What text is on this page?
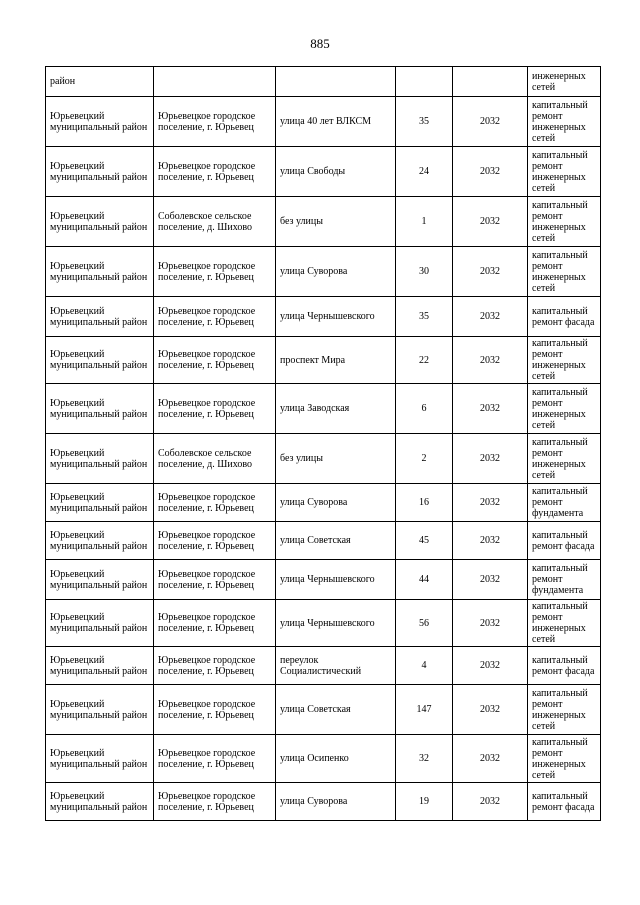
885
район					инженерных сетей
Юрьевецкий муниципальный район	Юрьевецкое городское поселение, г. Юрьевец	улица 40 лет ВЛКСМ	35	2032	капитальный ремонт инженерных сетей
Юрьевецкий муниципальный район	Юрьевецкое городское поселение, г. Юрьевец	улица Свободы	24	2032	капитальный ремонт инженерных сетей
Юрьевецкий муниципальный район	Соболевское сельское поселение, д. Шихово	без улицы	1	2032	капитальный ремонт инженерных сетей
Юрьевецкий муниципальный район	Юрьевецкое городское поселение, г. Юрьевец	улица Суворова	30	2032	капитальный ремонт инженерных сетей
Юрьевецкий муниципальный район	Юрьевецкое городское поселение, г. Юрьевец	улица Чернышевского	35	2032	капитальный ремонт фасада
Юрьевецкий муниципальный район	Юрьевецкое городское поселение, г. Юрьевец	проспект Мира	22	2032	капитальный ремонт инженерных сетей
Юрьевецкий муниципальный район	Юрьевецкое городское поселение, г. Юрьевец	улица Заводская	6	2032	капитальный ремонт инженерных сетей
Юрьевецкий муниципальный район	Соболевское сельское поселение, д. Шихово	без улицы	2	2032	капитальный ремонт инженерных сетей
Юрьевецкий муниципальный район	Юрьевецкое городское поселение, г. Юрьевец	улица Суворова	16	2032	капитальный ремонт фундамента
Юрьевецкий муниципальный район	Юрьевецкое городское поселение, г. Юрьевец	улица Советская	45	2032	капитальный ремонт фасада
Юрьевецкий муниципальный район	Юрьевецкое городское поселение, г. Юрьевец	улица Чернышевского	44	2032	капитальный ремонт фундамента
Юрьевецкий муниципальный район	Юрьевецкое городское поселение, г. Юрьевец	улица Чернышевского	56	2032	капитальный ремонт инженерных сетей
Юрьевецкий муниципальный район	Юрьевецкое городское поселение, г. Юрьевец	переулок Социалистический	4	2032	капитальный ремонт фасада
Юрьевецкий муниципальный район	Юрьевецкое городское поселение, г. Юрьевец	улица Советская	147	2032	капитальный ремонт инженерных сетей
Юрьевецкий муниципальный район	Юрьевецкое городское поселение, г. Юрьевец	улица Осипенко	32	2032	капитальный ремонт инженерных сетей
Юрьевецкий муниципальный район	Юрьевецкое городское поселение, г. Юрьевец	улица Суворова	19	2032	капитальный ремонт фасада
